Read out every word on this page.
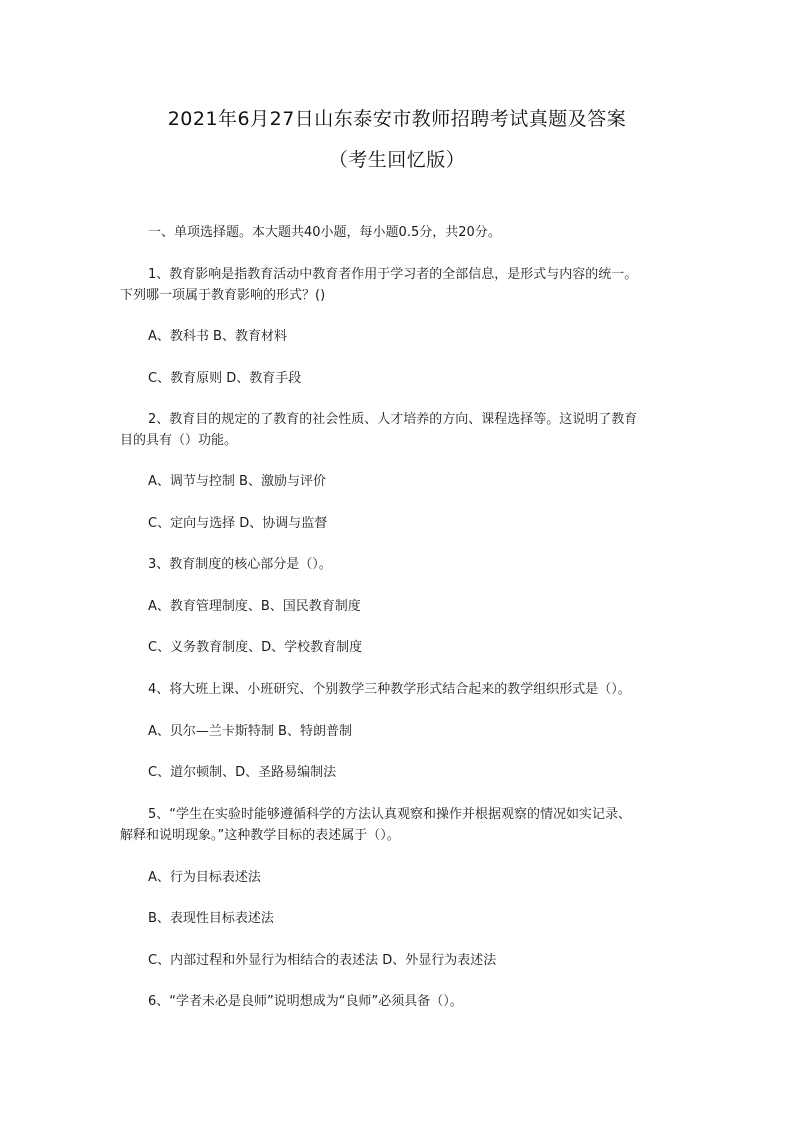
2021年6月27日山东泰安市教师招聘考试真题及答案
（考生回忆版）
一、单项选择题。本大题共40小题，每小题0.5分，共20分。
1、教育影响是指教育活动中教育者作用于学习者的全部信息，是形式与内容的统一。
下列哪一项属于教育影响的形式？()
A、教科书 B、教育材料
C、教育原则 D、教育手段
2、教育目的规定的了教育的社会性质、人才培养的方向、课程选择等。这说明了教育
目的具有（）功能。
A、调节与控制 B、激励与评价
C、定向与选择 D、协调与监督
3、教育制度的核心部分是（）。
A、教育管理制度、B、国民教育制度
C、义务教育制度、D、学校教育制度
4、将大班上课、小班研究、个别教学三种教学形式结合起来的教学组织形式是（）。
A、贝尔—兰卡斯特制 B、特朗普制
C、道尔顿制、D、圣路易编制法
5、“学生在实验时能够遵循科学的方法认真观察和操作并根据观察的情况如实记录、
解释和说明现象。”这种教学目标的表述属于（）。
A、行为目标表述法
B、表现性目标表述法
C、内部过程和外显行为相结合的表述法 D、外显行为表述法
6、“学者未必是良师”说明想成为“良师”必须具备（）。
